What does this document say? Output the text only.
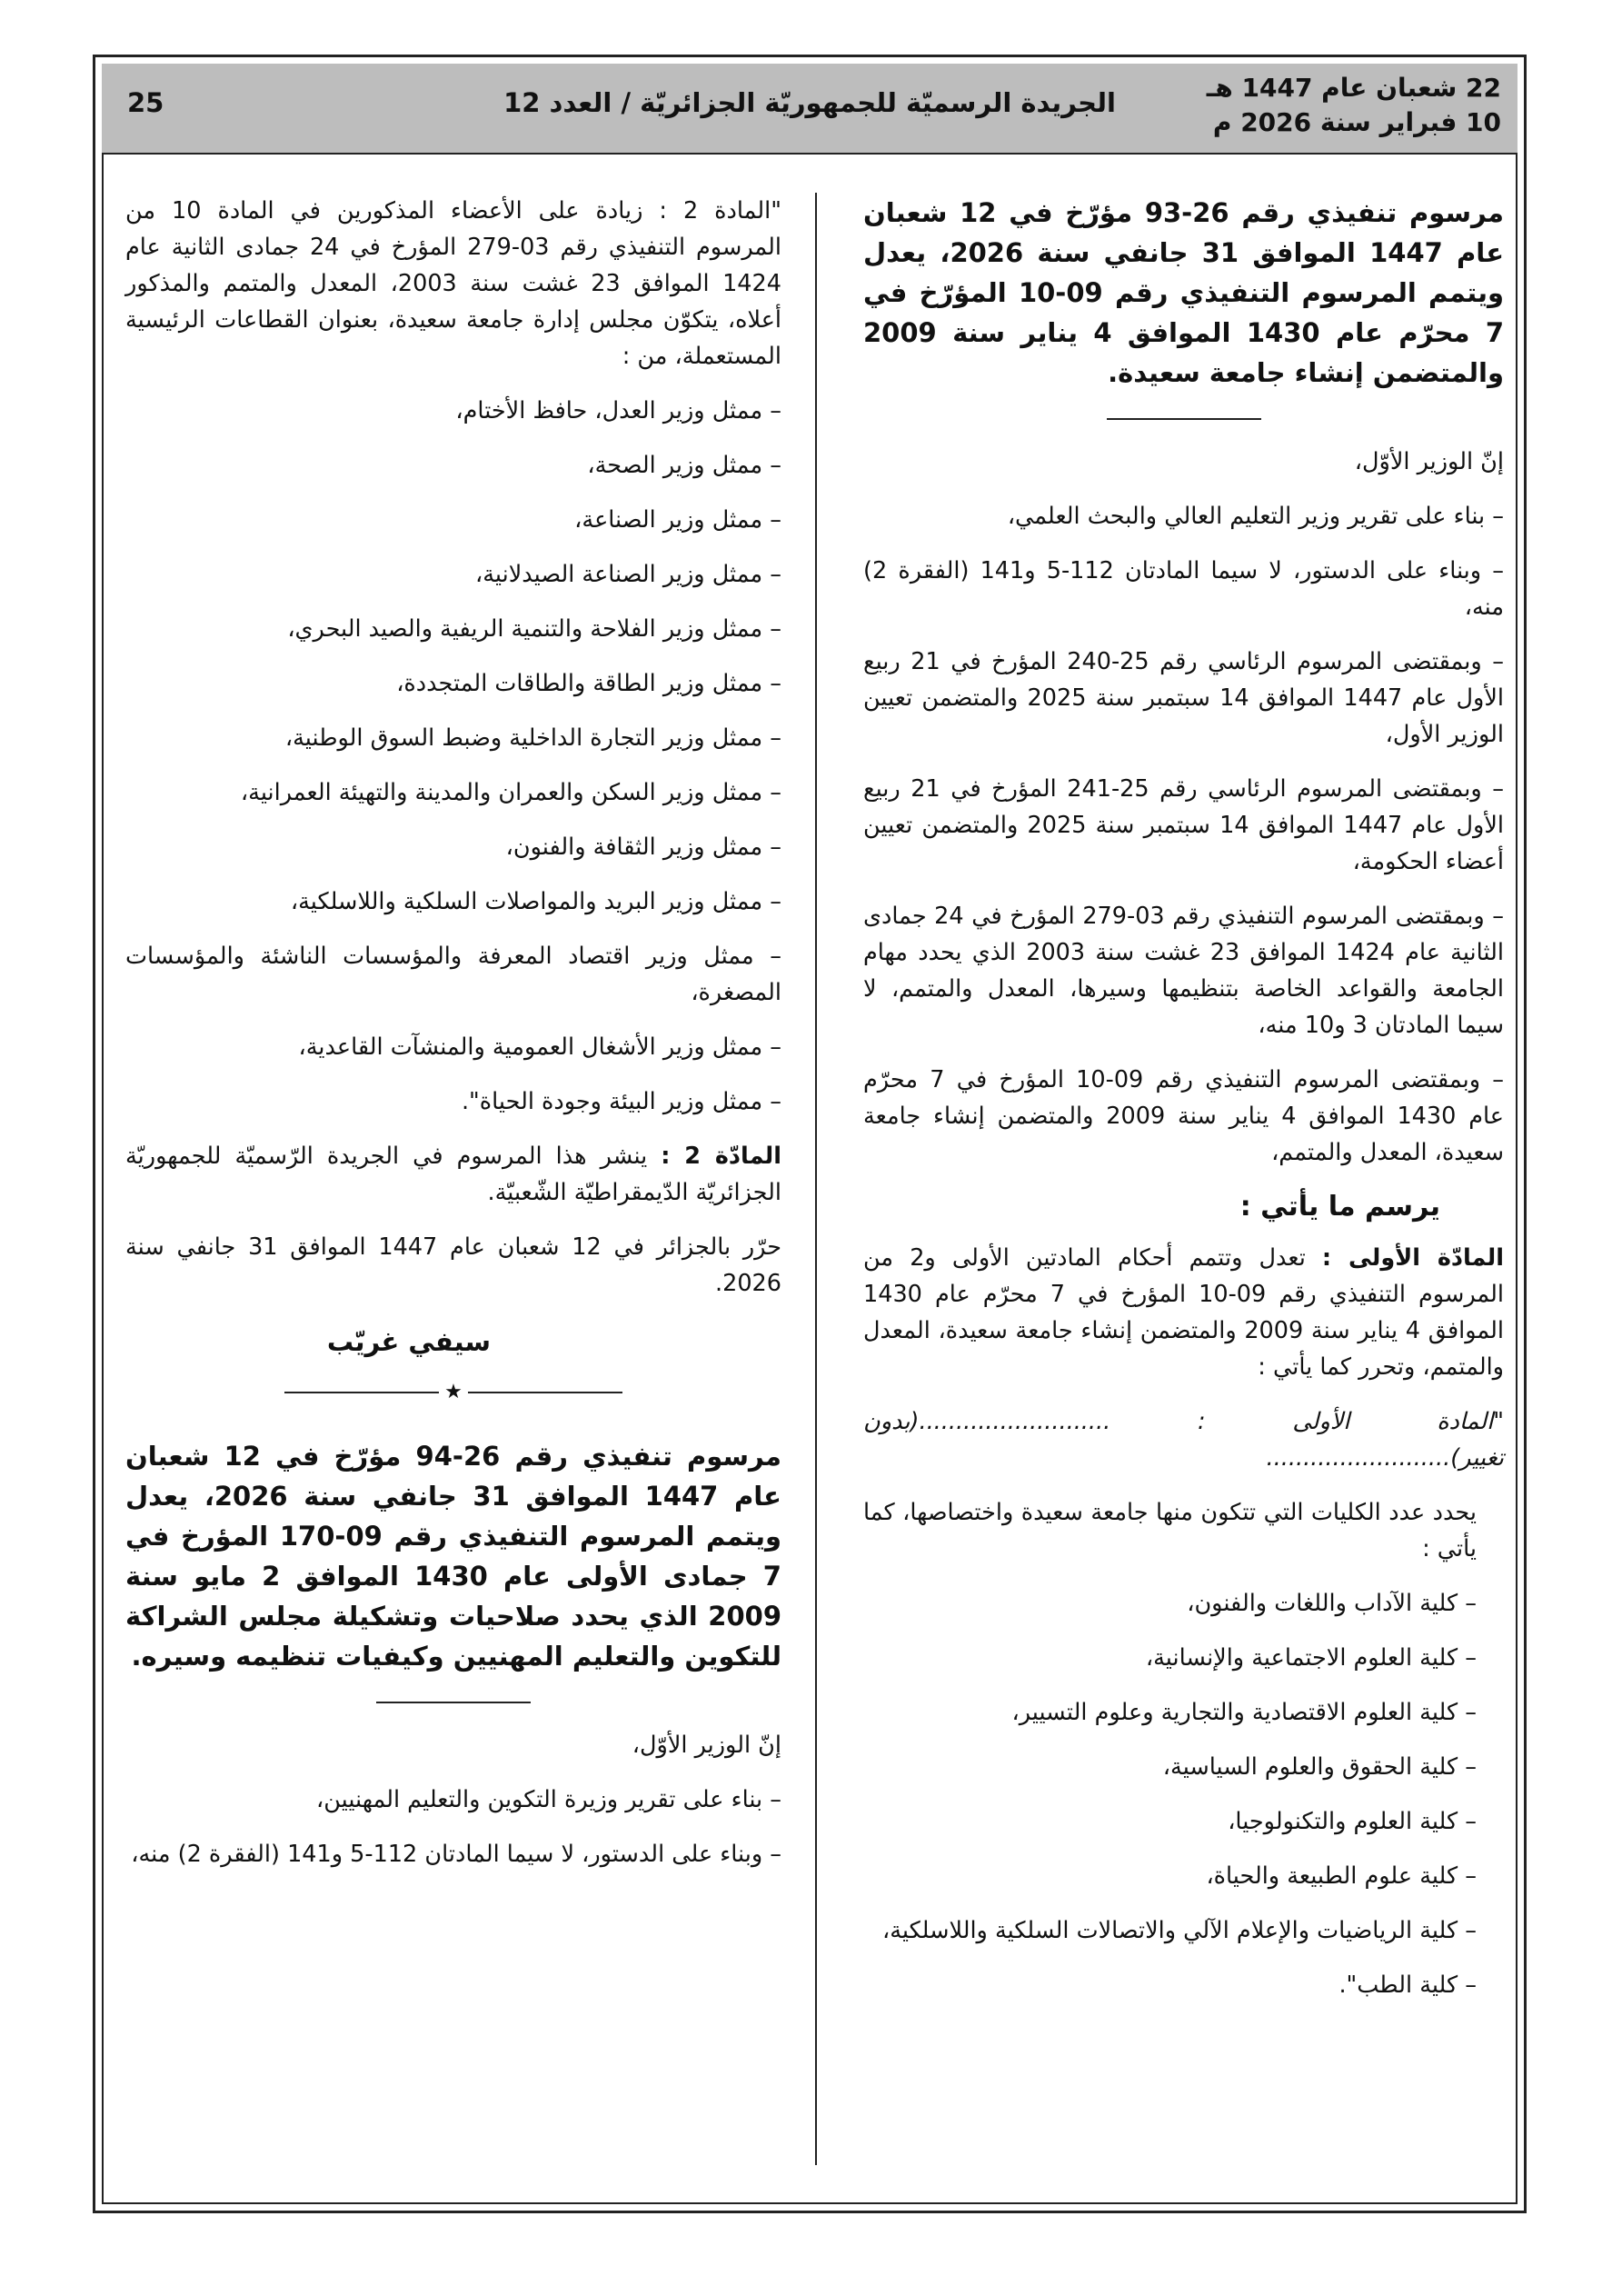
22 شعبان عام 1447 هـ
10 فبراير سنة 2026 م
الجريدة الرسميّة للجمهوريّة الجزائريّة / العدد 12
25
مرسوم تنفيذي رقم 26-93 مؤرّخ في 12 شعبان عام 1447 الموافق 31 جانفي سنة 2026، يعدل ويتمم المرسوم التنفيذي رقم 09-10 المؤرّخ في 7 محرّم عام 1430 الموافق 4 يناير سنة 2009 والمتضمن إنشاء جامعة سعيدة.

إنّ الوزير الأوّل،

– بناء على تقرير وزير التعليم العالي والبحث العلمي،

– وبناء على الدستور، لا سيما المادتان 112-5 و141 (الفقرة 2) منه،

– وبمقتضى المرسوم الرئاسي رقم 25-240 المؤرخ في 21 ربيع الأول عام 1447 الموافق 14 سبتمبر سنة 2025 والمتضمن تعيين الوزير الأول،

– وبمقتضى المرسوم الرئاسي رقم 25-241 المؤرخ في 21 ربيع الأول عام 1447 الموافق 14 سبتمبر سنة 2025 والمتضمن تعيين أعضاء الحكومة،

– وبمقتضى المرسوم التنفيذي رقم 03-279 المؤرخ في 24 جمادى الثانية عام 1424 الموافق 23 غشت سنة 2003 الذي يحدد مهام الجامعة والقواعد الخاصة بتنظيمها وسيرها، المعدل والمتمم، لا سيما المادتان 3 و10 منه،

– وبمقتضى المرسوم التنفيذي رقم 09-10 المؤرخ في 7 محرّم عام 1430 الموافق 4 يناير سنة 2009 والمتضمن إنشاء جامعة سعيدة، المعدل والمتمم،

يرسم ما يأتي :

المادّة الأولى : تعدل وتتمم أحكام المادتين الأولى و2 من المرسوم التنفيذي رقم 09-10 المؤرخ في 7 محرّم عام 1430 الموافق 4 يناير سنة 2009 والمتضمن إنشاء جامعة سعيدة، المعدل والمتمم، وتحرر كما يأتي :

"المادة الأولى : ..........................(بدون تغيير).........................

يحدد عدد الكليات التي تتكون منها جامعة سعيدة واختصاصها، كما يأتي :

– كلية الآداب واللغات والفنون،

– كلية العلوم الاجتماعية والإنسانية،

– كلية العلوم الاقتصادية والتجارية وعلوم التسيير،

– كلية الحقوق والعلوم السياسية،

– كلية العلوم والتكنولوجيا،

– كلية علوم الطبيعة والحياة،

– كلية الرياضيات والإعلام الآلي والاتصالات السلكية واللاسلكية،

– كلية الطب".

"المادة 2 : زيادة على الأعضاء المذكورين في المادة 10 من المرسوم التنفيذي رقم 03-279 المؤرخ في 24 جمادى الثانية عام 1424 الموافق 23 غشت سنة 2003، المعدل والمتمم والمذكور أعلاه، يتكوّن مجلس إدارة جامعة سعيدة، بعنوان القطاعات الرئيسية المستعملة، من :

– ممثل وزير العدل، حافظ الأختام،

– ممثل وزير الصحة،

– ممثل وزير الصناعة،

– ممثل وزير الصناعة الصيدلانية،

– ممثل وزير الفلاحة والتنمية الريفية والصيد البحري،

– ممثل وزير الطاقة والطاقات المتجددة،

– ممثل وزير التجارة الداخلية وضبط السوق الوطنية،

– ممثل وزير السكن والعمران والمدينة والتهيئة العمرانية،

– ممثل وزير الثقافة والفنون،

– ممثل وزير البريد والمواصلات السلكية واللاسلكية،

– ممثل وزير اقتصاد المعرفة والمؤسسات الناشئة والمؤسسات المصغرة،

– ممثل وزير الأشغال العمومية والمنشآت القاعدية،

– ممثل وزير البيئة وجودة الحياة".

المادّة 2 : ينشر هذا المرسوم في الجريدة الرّسميّة للجمهوريّة الجزائريّة الدّيمقراطيّة الشّعبيّة.

حرّر بالجزائر في 12 شعبان عام 1447 الموافق 31 جانفي سنة 2026.

سيفي غريّب
★
مرسوم تنفيذي رقم 26-94 مؤرّخ في 12 شعبان عام 1447 الموافق 31 جانفي سنة 2026، يعدل ويتمم المرسوم التنفيذي رقم 09-170 المؤرخ في 7 جمادى الأولى عام 1430 الموافق 2 مايو سنة 2009 الذي يحدد صلاحيات وتشكيلة مجلس الشراكة للتكوين والتعليم المهنيين وكيفيات تنظيمه وسيره.

إنّ الوزير الأوّل،

– بناء على تقرير وزيرة التكوين والتعليم المهنيين،

– وبناء على الدستور، لا سيما المادتان 112-5 و141 (الفقرة 2) منه،
